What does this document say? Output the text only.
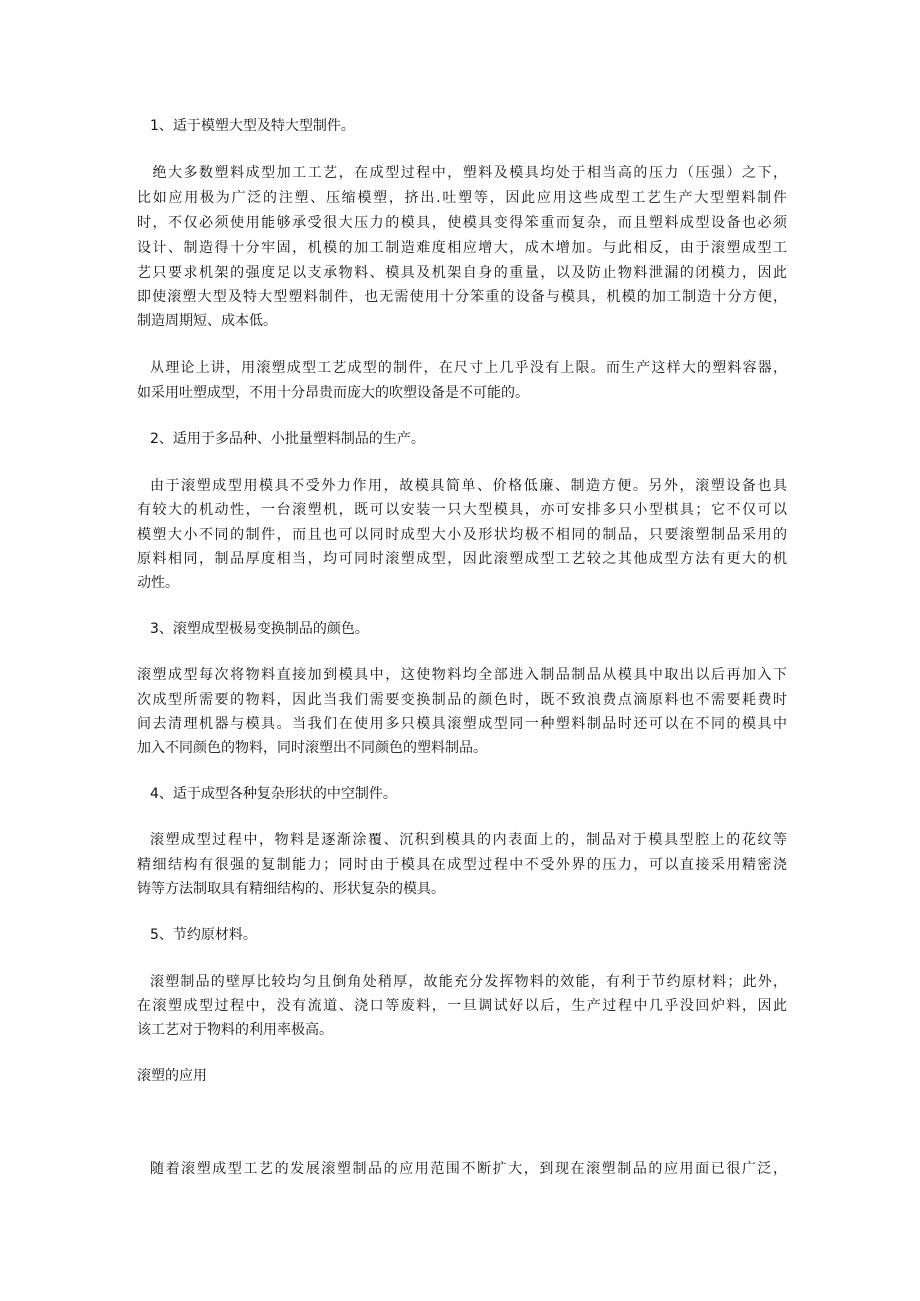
1、适于模塑大型及特大型制件。
　绝大多数塑料成型加工工艺，在成型过程中，塑料及模具均处于相当高的压力（压强）之下，
比如应用极为广泛的注塑、压缩模塑，挤出.吐塑等，因此应用这些成型工艺生产大型塑料制件
时，不仅必须使用能够承受很大压力的模具，使模具变得笨重而复杂，而且塑料成型设备也必须
设计、制造得十分牢固，机模的加工制造难度相应增大，成木增加。与此相反，由于滚塑成型工
艺只要求机架的强度足以支承物料、模具及机架自身的重量，以及防止物料泄漏的闭模力，因此
即使滚塑大型及特大型塑料制件，也无需使用十分笨重的设备与模具，机模的加工制造十分方便，
制造周期短、成本低。
从理论上讲，用滚塑成型工艺成型的制件，在尺寸上几乎没有上限。而生产这样大的塑料容器，
如采用吐塑成型，不用十分昂贵而庞大的吹塑设备是不可能的。
2、适用于多品种、小批量塑料制品的生产。
由于滚塑成型用模具不受外力作用，故模具简单、价格低廉、制造方便。另外，滚塑设备也具
有较大的机动性，一台滚塑机，既可以安装一只大型模具，亦可安排多只小型棋具；它不仅可以
模塑大小不同的制件，而且也可以同时成型大小及形状均极不相同的制品，只要滚塑制品采用的
原料相同，制品厚度相当，均可同时滚塑成型，因此滚塑成型工艺较之其他成型方法有更大的机
动性。
3、滚塑成型极易变换制品的颜色。
滚塑成型每次将物料直接加到模具中，这使物料均全部进入制品制品从模具中取出以后再加入下
次成型所需要的物料，因此当我们需要变换制品的颜色时，既不致浪费点滴原料也不需要耗费时
间去清理机器与模具。当我们在使用多只模具滚塑成型同一种塑料制品时还可以在不同的模具中
加入不同颜色的物料，同时滚塑出不同颜色的塑料制品。
4、适于成型各种复杂形状的中空制件。
滚塑成型过程中，物料是逐渐涂覆、沉积到模具的内表面上的，制品对于模具型腔上的花纹等
精细结构有很强的复制能力；同时由于模具在成型过程中不受外界的压力，可以直接采用精密浇
铸等方法制取具有精细结构的、形状复杂的模具。
5、节约原材料。
滚塑制品的壁厚比较均匀且倒角处稍厚，故能充分发挥物料的效能，有利于节约原材料；此外，
在滚塑成型过程中，没有流道、浇口等废料，一旦调试好以后，生产过程中几乎没回炉料，因此
该工艺对于物料的利用率极高。
滚塑的应用
随着滚塑成型工艺的发展滚塑制品的应用范围不断扩大，到现在滚塑制品的应用面已很广泛，
